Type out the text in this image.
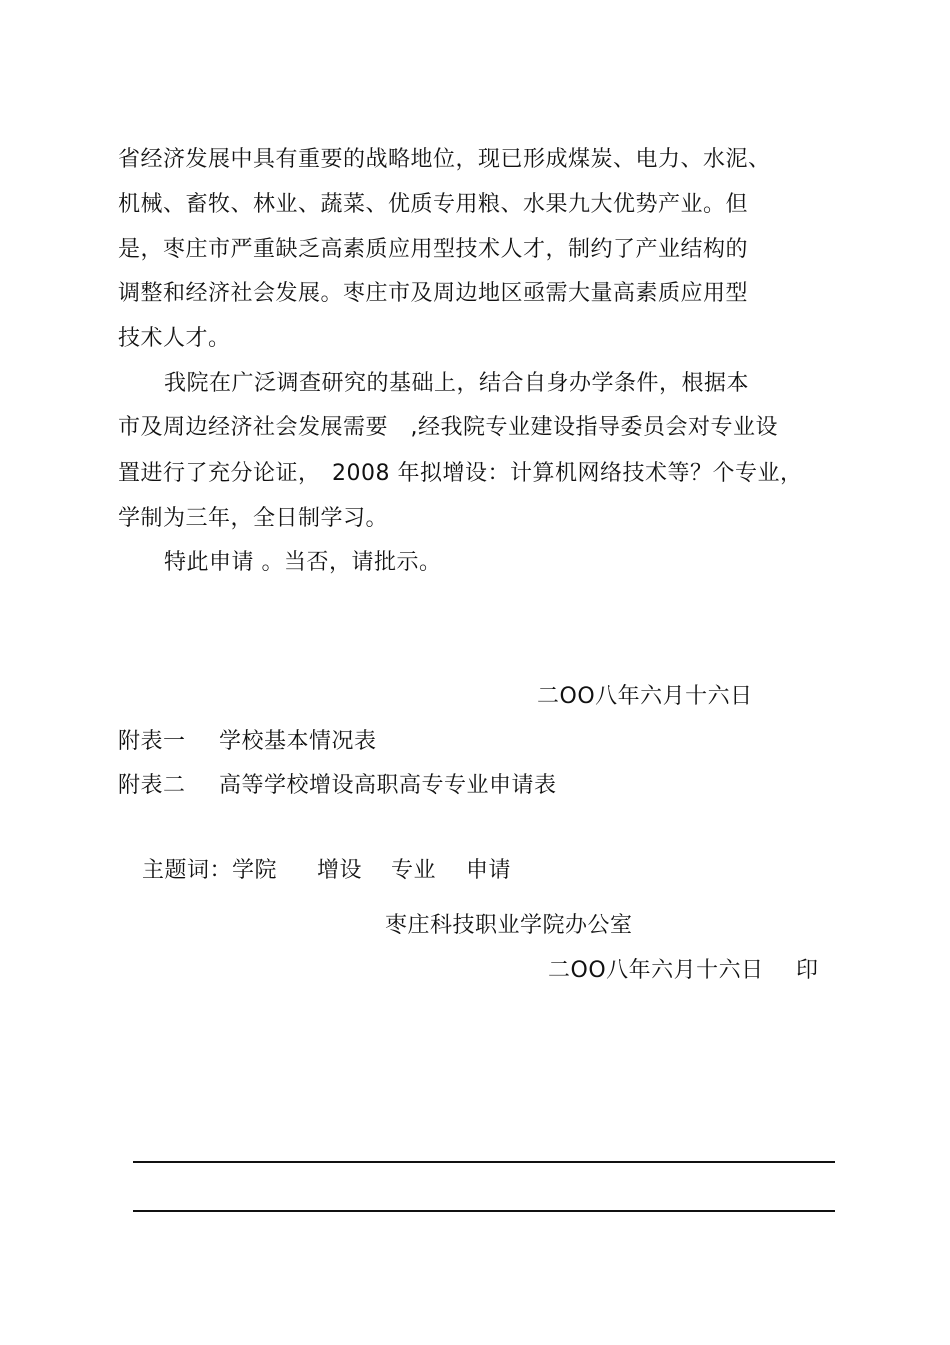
省经济发展中具有重要的战略地位，现已形成煤炭、电力、水泥、
机械、畜牧、林业、蔬菜、优质专用粮、水果九大优势产业。但
是，枣庄市严重缺乏高素质应用型技术人才，制约了产业结构的
调整和经济社会发展。枣庄市及周边地区亟需大量高素质应用型
技术人才。
我院在广泛调查研究的基础上，结合自身办学条件，根据本
市及周边经济社会发展需要　,经我院专业建设指导委员会对专业设
置进行了充分论证，　2008 年拟增设：计算机网络技术等？个专业，
学制为三年，全日制学习。
特此申请 。当否，请批示。
二OO八年六月十六日
附表一 学校基本情况表
附表二 高等学校增设高职高专专业申请表
主题词： 学院 增设 专业 申请
枣庄科技职业学院办公室
二OO八年六月十六日 印
